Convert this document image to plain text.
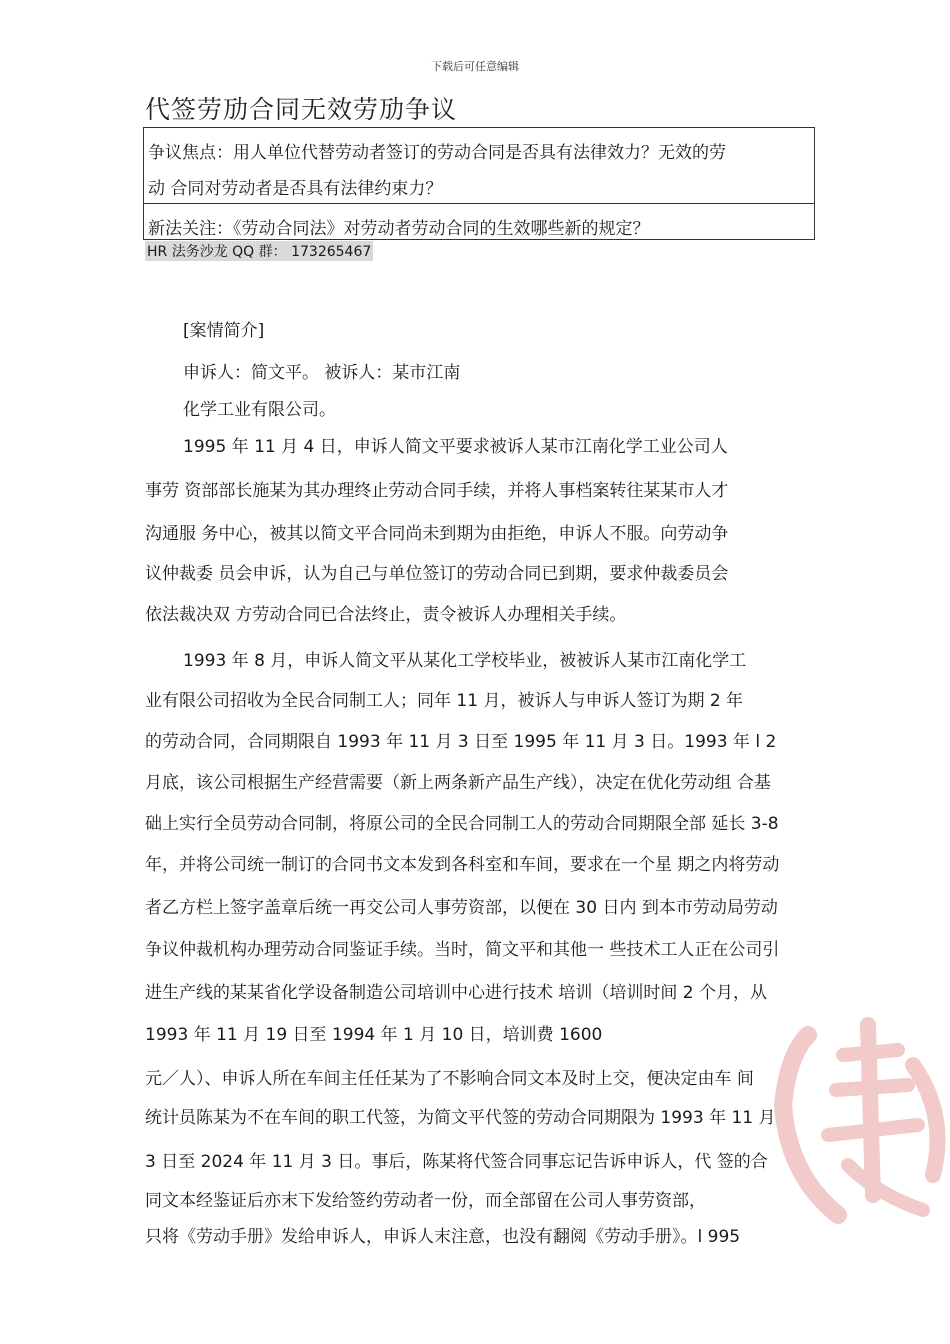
下载后可任意编辑
代签劳劢合同无效劳劢争议
争议焦点：用人单位代替劳动者签订的劳动合同是否具有法律效力？无效的劳
动 合同对劳动者是否具有法律约束力？
新法关注：《劳动合同法》对劳动者劳动合同的生效哪些新的规定？
HR 法务沙龙 QQ 群： 173265467
[案情简介]
申诉人：简文平。 被诉人：某市江南
化学工业有限公司。
1995 年 11 月 4 日，申诉人简文平要求被诉人某市江南化学工业公司人
事劳 资部部长施某为其办理终止劳动合同手续，并将人事档案转往某某市人才
沟通服 务中心，被其以简文平合同尚未到期为由拒绝，申诉人不服。向劳动争
议仲裁委 员会申诉，认为自己与单位签订的劳动合同已到期，要求仲裁委员会
依法裁决双 方劳动合同已合法终止，责令被诉人办理相关手续。
1993 年 8 月，申诉人简文平从某化工学校毕业，被被诉人某市江南化学工
业有限公司招收为全民合同制工人；同年 11 月，被诉人与申诉人签订为期 2 年
的劳动合同，合同期限自 1993 年 11 月 3 日至 1995 年 11 月 3 日。1993 年 l 2
月底，该公司根据生产经营需要（新上两条新产品生产线），决定在优化劳动组 合基
础上实行全员劳动合同制，将原公司的全民合同制工人的劳动合同期限全部 延长 3-8
年，并将公司统一制订的合同书文本发到各科室和车间，要求在一个星 期之内将劳动
者乙方栏上签字盖章后统一再交公司人事劳资部，以便在 30 日内 到本市劳动局劳动
争议仲裁机构办理劳动合同鉴证手续。当时，简文平和其他一 些技术工人正在公司引
进生产线的某某省化学设备制造公司培训中心进行技术 培训（培训时间 2 个月，从
1993 年 11 月 19 日至 1994 年 1 月 10 日，培训费 1600
元／人）、申诉人所在车间主任任某为了不影响合同文本及时上交，便决定由车 间
统计员陈某为不在车间的职工代签，为简文平代签的劳动合同期限为 1993 年 11 月
3 日至 2024 年 11 月 3 日。事后，陈某将代签合同事忘记告诉申诉人，代 签的合
同文本经鉴证后亦末下发给签约劳动者一份，而全部留在公司人事劳资部，
只将《劳动手册》发给申诉人，申诉人末注意，也没有翻阅《劳动手册》。l 995
